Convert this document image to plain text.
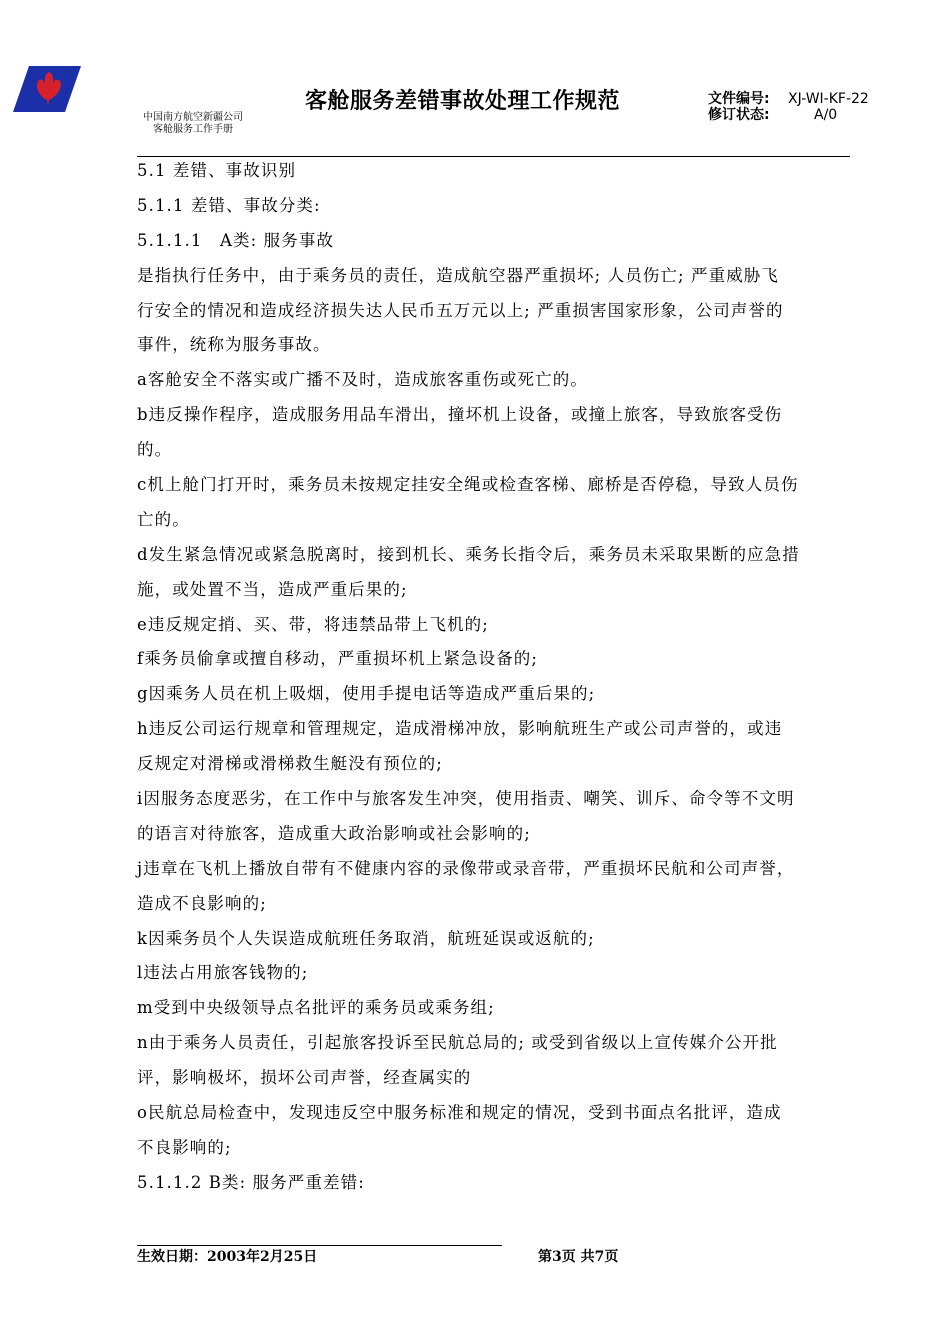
中国南方航空新疆公司
客舱服务工作手册
客舱服务差错事故处理工作规范	文件编号: XJ-WI-KF-22
修订状态:	A/0
5.1 差错、事故识别
5.1.1 差错、事故分类:
5.1.1.1　A类: 服务事故
是指执行任务中，由于乘务员的责任，造成航空器严重损坏; 人员伤亡; 严重威胁飞
行安全的情况和造成经济损失达人民币五万元以上; 严重损害国家形象，公司声誉的
事件，统称为服务事故。
a客舱安全不落实或广播不及时，造成旅客重伤或死亡的。
b违反操作程序，造成服务用品车滑出，撞坏机上设备，或撞上旅客，导致旅客受伤
的。
c机上舱门打开时，乘务员未按规定挂安全绳或检查客梯、廊桥是否停稳，导致人员伤
亡的。
d发生紧急情况或紧急脱离时，接到机长、乘务长指令后，乘务员未采取果断的应急措
施，或处置不当，造成严重后果的;
e违反规定捎、买、带，将违禁品带上飞机的;
f乘务员偷拿或擅自移动，严重损坏机上紧急设备的;
g因乘务人员在机上吸烟，使用手提电话等造成严重后果的;
h违反公司运行规章和管理规定，造成滑梯冲放，影响航班生产或公司声誉的，或违
反规定对滑梯或滑梯救生艇没有预位的;
i因服务态度恶劣，在工作中与旅客发生冲突，使用指责、嘲笑、训斥、命令等不文明
的语言对待旅客，造成重大政治影响或社会影响的;
j违章在飞机上播放自带有不健康内容的录像带或录音带，严重损坏民航和公司声誉，
造成不良影响的;
k因乘务员个人失误造成航班任务取消，航班延误或返航的;
l违法占用旅客钱物的;
m受到中央级领导点名批评的乘务员或乘务组;
n由于乘务人员责任，引起旅客投诉至民航总局的; 或受到省级以上宣传媒介公开批
评，影响极坏，损坏公司声誉，经查属实的
o民航总局检查中，发现违反空中服务标准和规定的情况，受到书面点名批评，造成
不良影响的;
5.1.1.2 B类: 服务严重差错:
生效日期：2003年2月25日	第3页 共7页
